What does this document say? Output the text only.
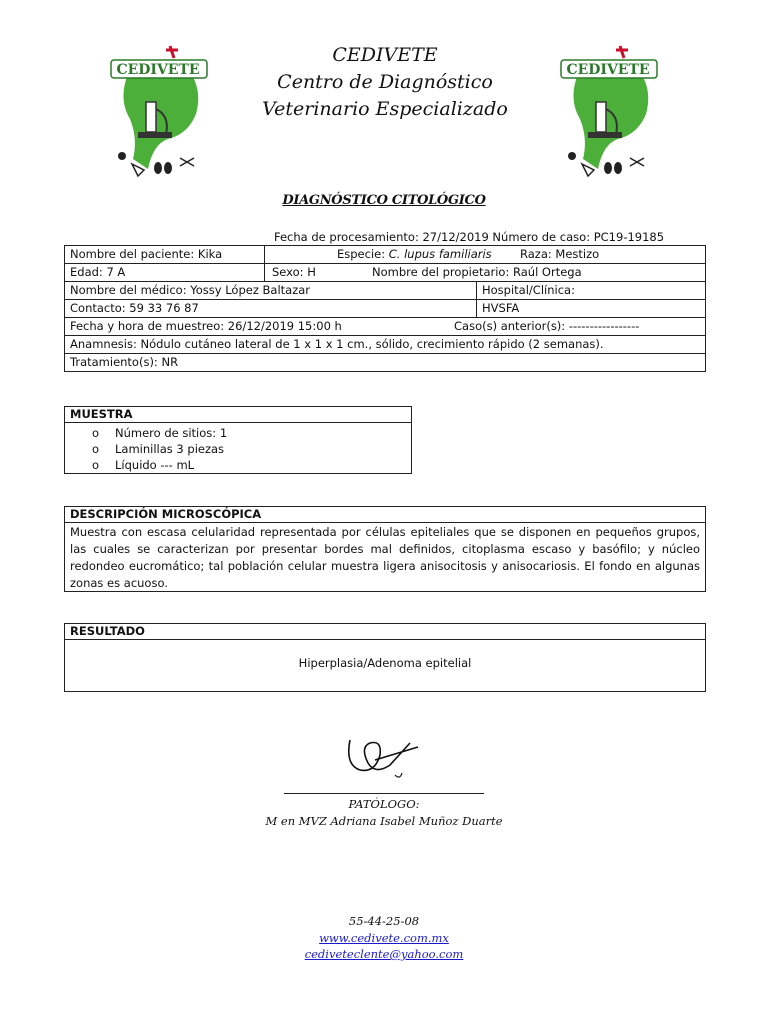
CEDIVETE	CEDIVETE
CEDIVETE
Centro de Diagnóstico
Veterinario Especializado
DIAGNÓSTICO CITOLÓGICO
Fecha de procesamiento: 27/12/2019 Número de caso: PC19-19185
Nombre del paciente: Kika	Especie: C. lupus familiaris Raza: Mestizo
Edad: 7 A	Sexo: H	Nombre del propietario: Raúl Ortega
Nombre del médico: Yossy López Baltazar	Hospital/Clínica:
Contacto: 59 33 76 87	HVSFA
Fecha y hora de muestreo: 26/12/2019 15:00 h	Caso(s) anterior(s): -----------------
Anamnesis: Nódulo cutáneo lateral de 1 x 1 x 1 cm., sólido, crecimiento rápido (2 semanas).
Tratamiento(s): NR
MUESTRA
o Número de sitios: 1
o Laminillas 3 piezas
o Líquido --- mL
DESCRIPCIÓN MICROSCÓPICA
Muestra con escasa celularidad representada por células epiteliales que se disponen en pequeños grupos, las cuales se caracterizan por presentar bordes mal definidos, citoplasma escaso y basófilo; y núcleo redondeo eucromático; tal población celular muestra ligera anisocitosis y anisocariosis. El fondo en algunas zonas es acuoso.
RESULTADO
Hiperplasia/Adenoma epitelial
PATÓLOGO:
M en MVZ Adriana Isabel Muñoz Duarte
55-44-25-08
www.cedivete.com.mx
cediveteclente@yahoo.com
